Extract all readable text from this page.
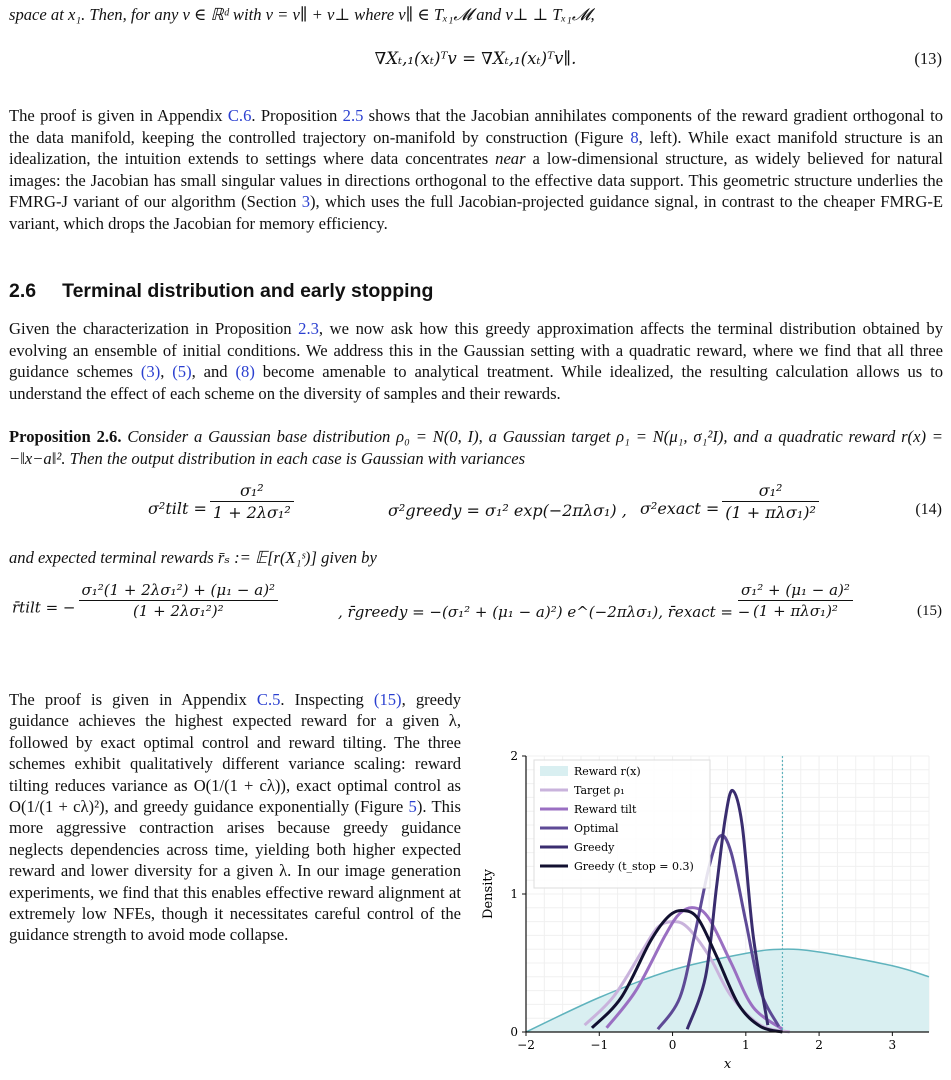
space at x₁. Then, for any v ∈ ℝᵈ with v = v∥ + v⊥ where v∥ ∈ Tₓ₁𝓜 and v⊥ ⊥ Tₓ₁𝓜,

∇Xₜ,₁(xₜ)ᵀv = ∇Xₜ,₁(xₜ)ᵀv∥.	(13)

The proof is given in Appendix C.6. Proposition 2.5 shows that the Jacobian annihilates components of the reward gradient orthogonal to the data manifold, keeping the controlled trajectory on-manifold by construction (Figure 8, left). While exact manifold structure is an idealization, the intuition extends to settings where data concentrates near a low-dimensional structure, as widely believed for natural images: the Jacobian has small singular values in directions orthogonal to the effective data support. This geometric structure underlies the FMRG-J variant of our algorithm (Section 3), which uses the full Jacobian-projected guidance signal, in contrast to the cheaper FMRG-E variant, which drops the Jacobian for memory efficiency.

2.6 Terminal distribution and early stopping

Given the characterization in Proposition 2.3, we now ask how this greedy approximation affects the terminal distribution obtained by evolving an ensemble of initial conditions. We address this in the Gaussian setting with a quadratic reward, where we find that all three guidance schemes (3), (5), and (8) become amenable to analytical treatment. While idealized, the resulting calculation allows us to understand the effect of each scheme on the diversity of samples and their rewards.

Proposition 2.6. Consider a Gaussian base distribution ρ₀ = N(0, I), a Gaussian target ρ₁ = N(μ₁, σ₁²I), and a quadratic reward r(x) = −‖x−a‖². Then the output distribution in each case is Gaussian with variances

σ²tilt = $\frac{\text{σ₁²}}{\text{1 + 2λσ₁²}}$	σ²greedy = σ₁² exp(−2πλσ₁) , σ²exact = $\frac{\text{σ₁²}}{\text{(1 + πλσ₁)²}}$	(14)

and expected terminal rewards r̄ₛ := 𝔼[r(X₁ˢ)] given by

r̄tilt = − $\frac{\text{σ₁²(1 + 2λσ₁²) + (μ₁ − a)²}}{\text{(1 + 2λσ₁²)²}}$	, r̄greedy = −(σ₁² + (μ₁ − a)²) e^(−2πλσ₁), r̄exact = −
$\frac{\text{σ₁² + (μ₁ − a)²}}{\text{(1 + πλσ₁)²}}$	(15)

The proof is given in Appendix C.5. Inspecting (15), greedy guidance achieves the highest expected reward for a given λ, followed by exact optimal control and reward tilting. The three schemes exhibit qualitatively different variance scaling: reward tilting reduces variance as O(1/(1 + cλ)), exact optimal control as O(1/(1 + cλ)²), and greedy guidance exponentially (Figure 5). This more aggressive contraction arises because greedy guidance neglects dependencies across time, yielding both higher expected reward and lower diversity for a given λ. In our image generation experiments, we find that this enables effective reward alignment at extremely low NFEs, though it necessitates careful control of the guidance strength to avoid mode collapse.

−2	−1	0	1	2	3
0
1
2
x
Density
Reward r(x)
Target ρ₁
Reward tilt
Optimal
Greedy
Greedy (t_stop = 0.3)
